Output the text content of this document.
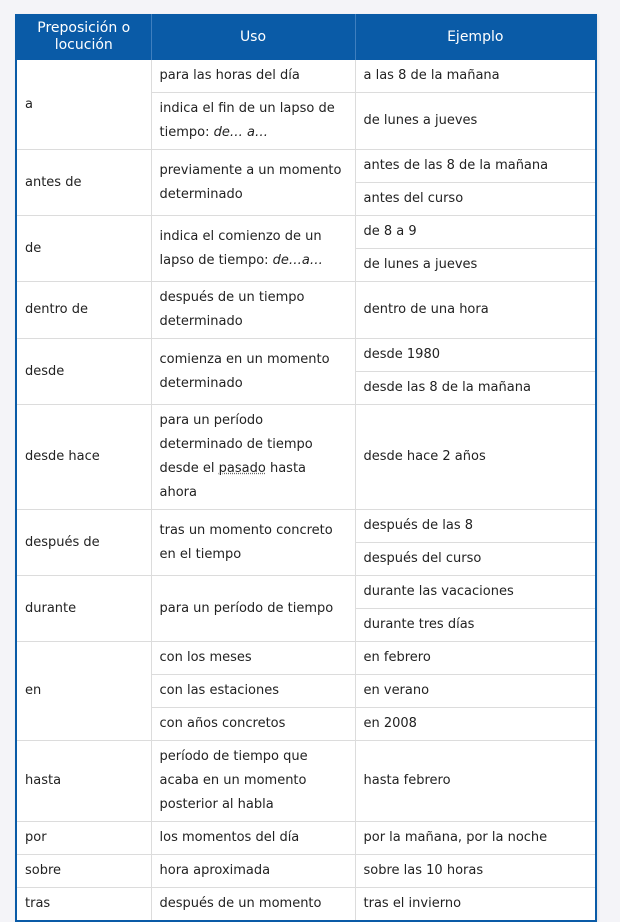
Preposición o locución	Uso	Ejemplo
a	para las horas del día	a las 8 de la mañana
	indica el fin de un lapso de tiempo: de… a…	de lunes a jueves
antes de	previamente a un momento determinado	antes de las 8 de la mañana
		antes del curso
de	indica el comienzo de un lapso de tiempo: de…a…	de 8 a 9
		de lunes a jueves
dentro de	después de un tiempo determinado	dentro de una hora
desde	comienza en un momento determinado	desde 1980
		desde las 8 de la mañana
desde hace	para un período determinado de tiempo desde el pasado hasta ahora	desde hace 2 años
después de	tras un momento concreto en el tiempo	después de las 8
		después del curso
durante	para un período de tiempo	durante las vacaciones
		durante tres días
en	con los meses	en febrero
	con las estaciones	en verano
	con años concretos	en 2008
hasta	período de tiempo que acaba en un momento posterior al habla	hasta febrero
por	los momentos del día	por la mañana, por la noche
sobre	hora aproximada	sobre las 10 horas
tras	después de un momento	tras el invierno
